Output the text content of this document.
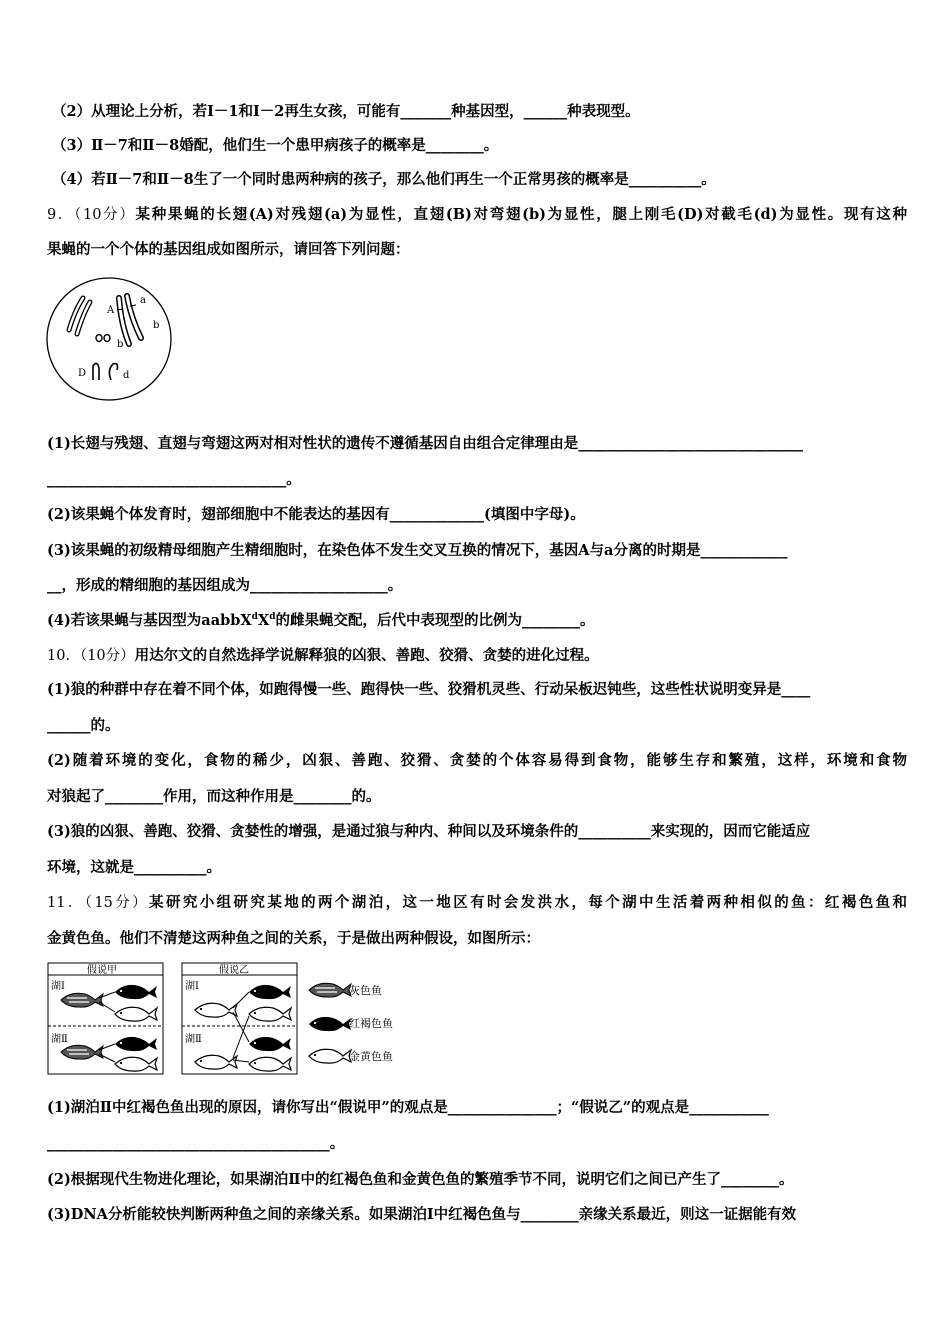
（2）从理论上分析，若Ⅰ－1和Ⅰ－2再生女孩，可能有_______种基因型，______种表现型。
（3）Ⅱ－7和Ⅱ－8婚配，他们生一个患甲病孩子的概率是________。
（4）若Ⅱ－7和Ⅱ－8生了一个同时患两种病的孩子，那么他们再生一个正常男孩的概率是__________。
9．（10分）某种果蝇的长翅(A)对残翅(a)为显性，直翅(B)对弯翅(b)为显性，腿上刚毛(D)对截毛(d)为显性。现有这种
果蝇的一个个体的基因组成如图所示，请回答下列问题：
A
a
b
b
D	d
(1)长翅与残翅、直翅与弯翅这两对相对性状的遗传不遵循基因自由组合定律理由是_______________________________
_________________________________。
(2)该果蝇个体发育时，翅部细胞中不能表达的基因有_____________(填图中字母)。
(3)该果蝇的初级精母细胞产生精细胞时，在染色体不发生交叉互换的情况下，基因A与a分离的时期是____________
__，形成的精细胞的基因组成为___________________。
(4)若该果蝇与基因型为$aabbX^dX^d$的雌果蝇交配，后代中表现型的比例为________。
10．（10分）用达尔文的自然选择学说解释狼的凶狠、善跑、狡猾、贪婪的进化过程。
(1)狼的种群中存在着不同个体，如跑得慢一些、跑得快一些、狡猾机灵些、行动呆板迟钝些，这些性状说明变异是____
______的。
(2)随着环境的变化，食物的稀少，凶狠、善跑、狡猾、贪婪的个体容易得到食物，能够生存和繁殖，这样，环境和食物
对狼起了________作用，而这种作用是________的。
(3)狼的凶狠、善跑、狡猾、贪婪性的增强，是通过狼与种内、种间以及环境条件的__________来实现的，因而它能适应
环境，这就是__________。
11．（15分）某研究小组研究某地的两个湖泊，这一地区有时会发洪水，每个湖中生活着两种相似的鱼：红褐色鱼和
金黄色鱼。他们不清楚这两种鱼之间的关系，于是做出两种假设，如图所示：
假说甲
湖Ⅰ
湖Ⅱ
假说乙
湖Ⅰ
湖Ⅱ
灰色鱼
红褐色鱼
金黄色鱼
(1)湖泊Ⅱ中红褐色鱼出现的原因，请你写出“假说甲”的观点是_______________；“假说乙”的观点是___________
_______________________________________。
(2)根据现代生物进化理论，如果湖泊Ⅱ中的红褐色鱼和金黄色鱼的繁殖季节不同，说明它们之间已产生了________。
(3)DNA分析能较快判断两种鱼之间的亲缘关系。如果湖泊Ⅰ中红褐色鱼与________亲缘关系最近，则这一证据能有效
